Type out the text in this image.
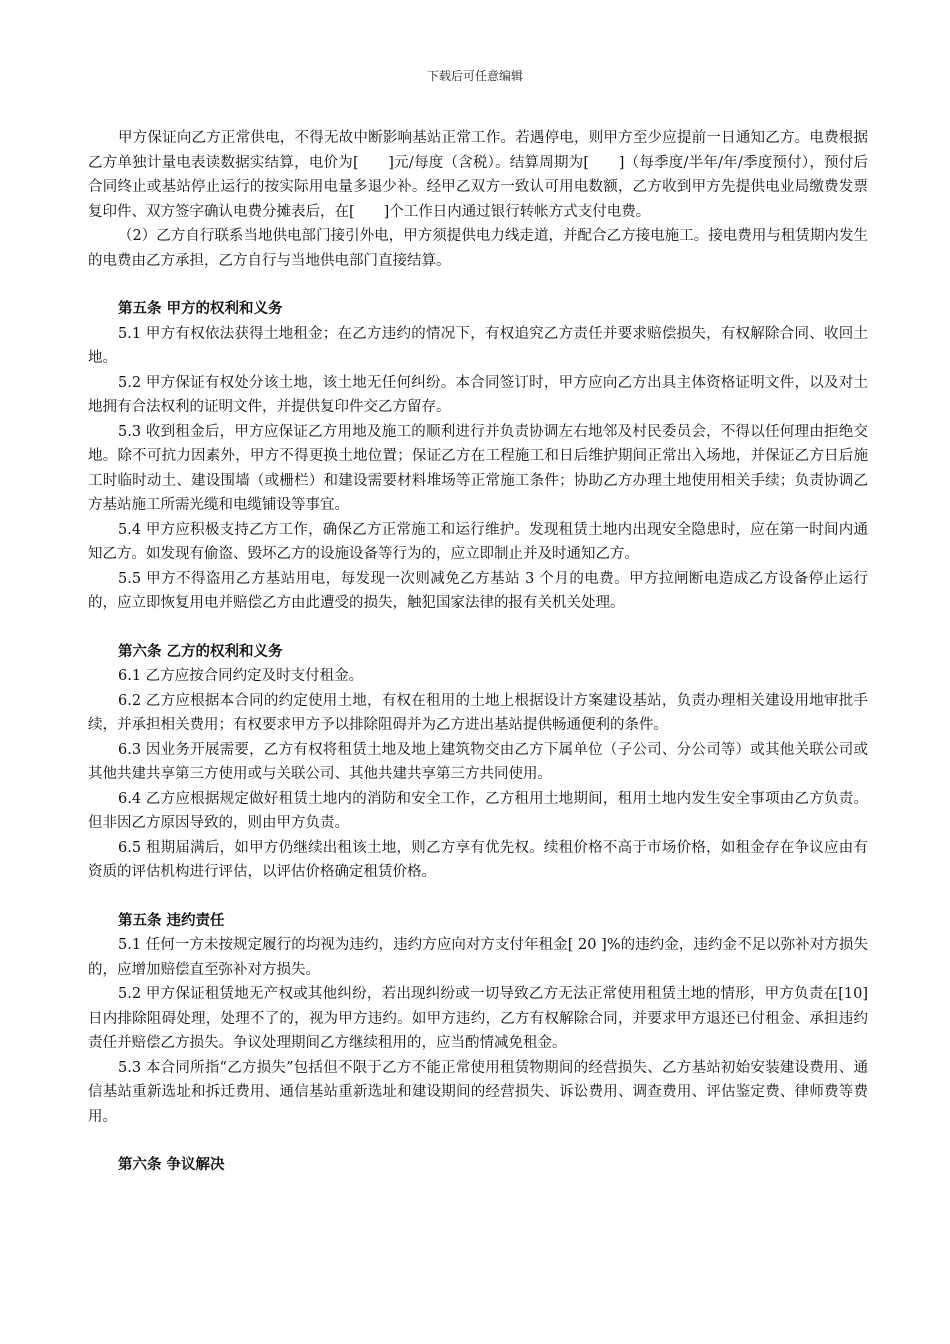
下载后可任意编辑

甲方保证向乙方正常供电，不得无故中断影响基站正常工作。若遇停电，则甲方至少应提前一日通知乙方。电费根据乙方单独计量电表读数据实结算，电价为[　　]元/每度（含税）。结算周期为[　　]（每季度/半年/年/季度预付），预付后合同终止或基站停止运行的按实际用电量多退少补。经甲乙双方一致认可用电数额，乙方收到甲方先提供电业局缴费发票复印件、双方签字确认电费分摊表后，在[　　]个工作日内通过银行转帐方式支付电费。

（2）乙方自行联系当地供电部门接引外电，甲方须提供电力线走道，并配合乙方接电施工。接电费用与租赁期内发生的电费由乙方承担，乙方自行与当地供电部门直接结算。

第五条 甲方的权利和义务

5.1 甲方有权依法获得土地租金；在乙方违约的情况下，有权追究乙方责任并要求赔偿损失，有权解除合同、收回土地。

5.2 甲方保证有权处分该土地，该土地无任何纠纷。本合同签订时，甲方应向乙方出具主体资格证明文件，以及对土地拥有合法权利的证明文件，并提供复印件交乙方留存。

5.3 收到租金后，甲方应保证乙方用地及施工的顺利进行并负责协调左右地邻及村民委员会，不得以任何理由拒绝交地。除不可抗力因素外，甲方不得更换土地位置；保证乙方在工程施工和日后维护期间正常出入场地，并保证乙方日后施工时临时动土、建设围墙（或栅栏）和建设需要材料堆场等正常施工条件；协助乙方办理土地使用相关手续；负责协调乙方基站施工所需光缆和电缆铺设等事宜。

5.4 甲方应积极支持乙方工作，确保乙方正常施工和运行维护。发现租赁土地内出现安全隐患时，应在第一时间内通知乙方。如发现有偷盗、毁坏乙方的设施设备等行为的，应立即制止并及时通知乙方。

5.5 甲方不得盗用乙方基站用电，每发现一次则减免乙方基站 3 个月的电费。甲方拉闸断电造成乙方设备停止运行的，应立即恢复用电并赔偿乙方由此遭受的损失，触犯国家法律的报有关机关处理。

第六条 乙方的权利和义务

6.1 乙方应按合同约定及时支付租金。

6.2 乙方应根据本合同的约定使用土地，有权在租用的土地上根据设计方案建设基站，负责办理相关建设用地审批手续，并承担相关费用；有权要求甲方予以排除阻碍并为乙方进出基站提供畅通便利的条件。

6.3 因业务开展需要，乙方有权将租赁土地及地上建筑物交由乙方下属单位（子公司、分公司等）或其他关联公司或其他共建共享第三方使用或与关联公司、其他共建共享第三方共同使用。

6.4 乙方应根据规定做好租赁土地内的消防和安全工作，乙方租用土地期间，租用土地内发生安全事项由乙方负责。但非因乙方原因导致的，则由甲方负责。

6.5 租期届满后，如甲方仍继续出租该土地，则乙方享有优先权。续租价格不高于市场价格，如租金存在争议应由有资质的评估机构进行评估，以评估价格确定租赁价格。

第五条 违约责任

5.1 任何一方未按规定履行的均视为违约，违约方应向对方支付年租金[ 20 ]%的违约金，违约金不足以弥补对方损失的，应增加赔偿直至弥补对方损失。

5.2 甲方保证租赁地无产权或其他纠纷，若出现纠纷或一切导致乙方无法正常使用租赁土地的情形，甲方负责在[10]日内排除阻碍处理，处理不了的，视为甲方违约。如甲方违约，乙方有权解除合同，并要求甲方退还已付租金、承担违约责任并赔偿乙方损失。争议处理期间乙方继续租用的，应当酌情减免租金。

5.3 本合同所指“乙方损失”包括但不限于乙方不能正常使用租赁物期间的经营损失、乙方基站初始安装建设费用、通信基站重新选址和拆迁费用、通信基站重新选址和建设期间的经营损失、诉讼费用、调查费用、评估鉴定费、律师费等费用。

第六条 争议解决
